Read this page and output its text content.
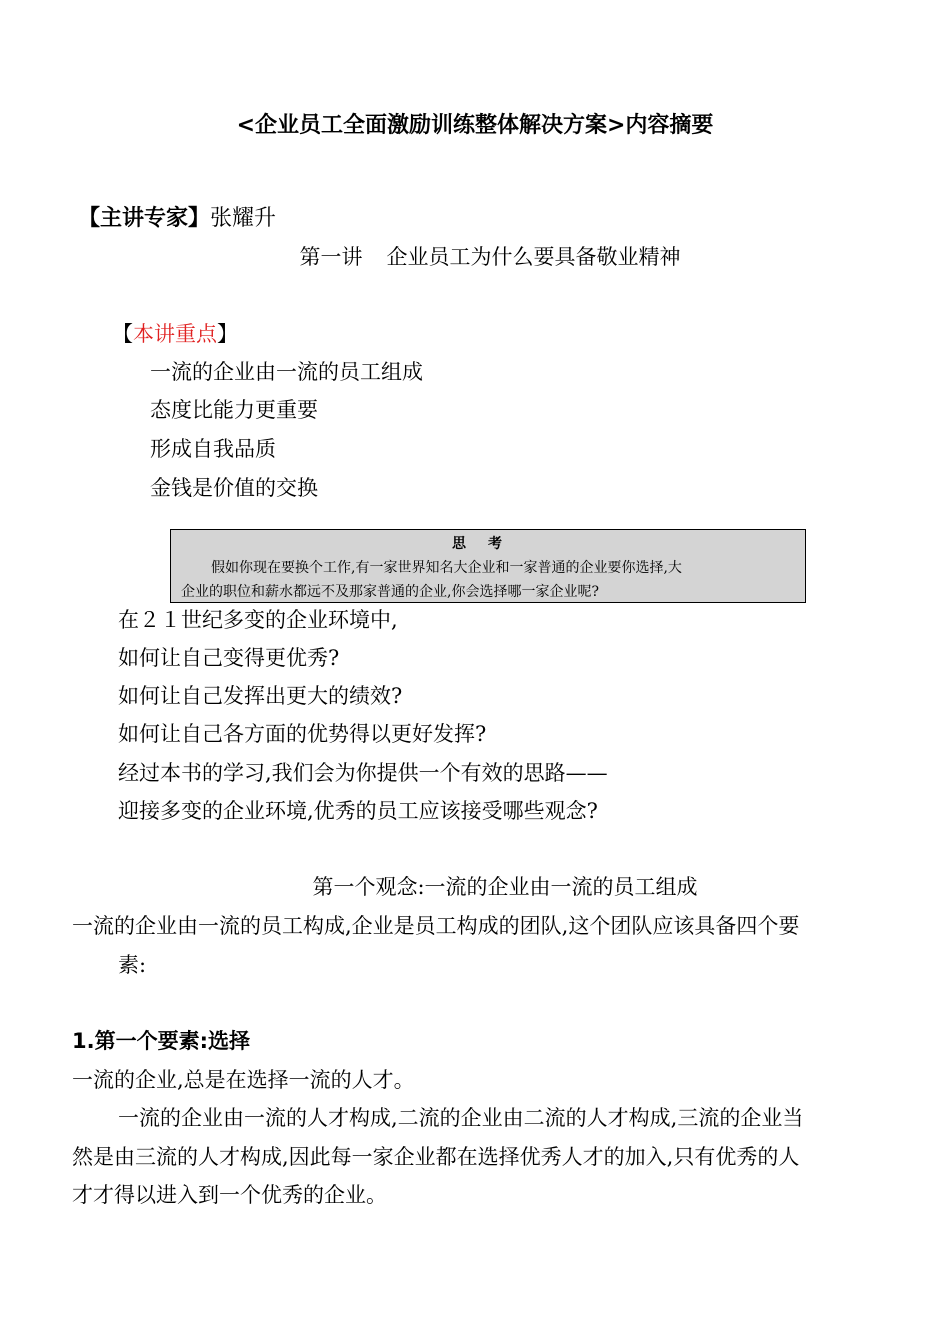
<企业员工全面激励训练整体解决方案>内容摘要
【主讲专家】张耀升
第一讲 企业员工为什么要具备敬业精神
【本讲重点】
一流的企业由一流的员工组成
态度比能力更重要
形成自我品质
金钱是价值的交换
思考
假如你现在要换个工作,有一家世界知名大企业和一家普通的企业要你选择,大
企业的职位和薪水都远不及那家普通的企业,你会选择哪一家企业呢?
在２１世纪多变的企业环境中,
如何让自己变得更优秀?
如何让自己发挥出更大的绩效?
如何让自己各方面的优势得以更好发挥?
经过本书的学习,我们会为你提供一个有效的思路——
迎接多变的企业环境,优秀的员工应该接受哪些观念?
第一个观念:一流的企业由一流的员工组成
一流的企业由一流的员工构成,企业是员工构成的团队,这个团队应该具备四个要
素:
1.第一个要素:选择
一流的企业,总是在选择一流的人才。
一流的企业由一流的人才构成,二流的企业由二流的人才构成,三流的企业当
然是由三流的人才构成,因此每一家企业都在选择优秀人才的加入,只有优秀的人
才才得以进入到一个优秀的企业。
